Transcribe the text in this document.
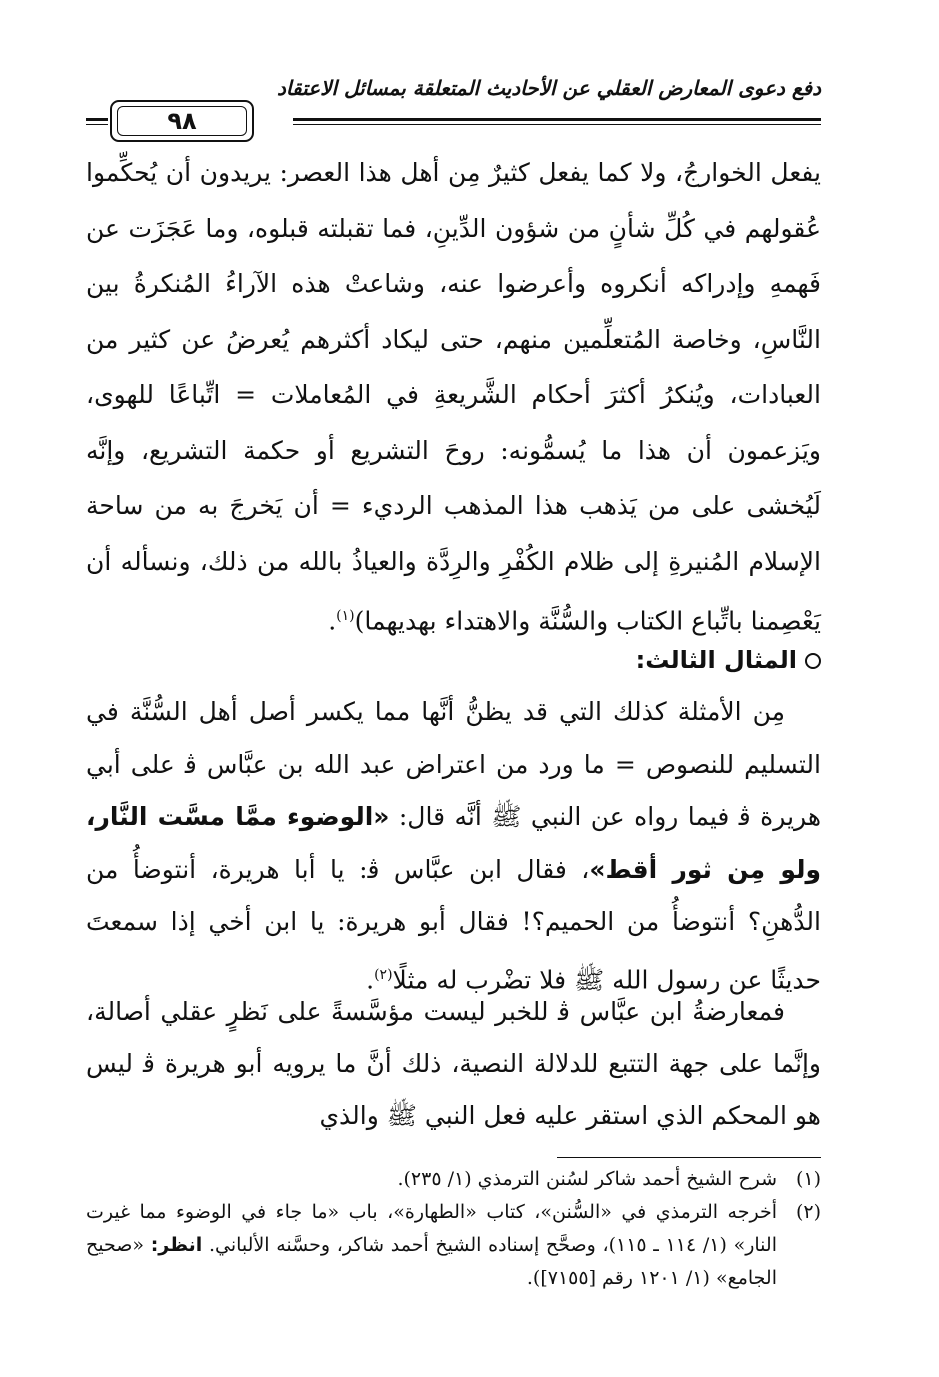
دفع دعوى المعارض العقلي عن الأحاديث المتعلقة بمسائل الاعتقاد
٩٨
يفعل الخوارجُ، ولا كما يفعل كثيرٌ مِن أهل هذا العصر: يريدون أن يُحكِّموا عُقولهم في كُلِّ شأنٍ من شؤون الدِّينِ، فما تقبلته قبلوه، وما عَجَزَت عن فَهمهِ وإدراكه أنكروه وأعرضوا عنه، وشاعتْ هذه الآراءُ المُنكرةُ بين النَّاسِ، وخاصة المُتعلِّمين منهم، حتى ليكاد أكثرهم يُعرضُ عن كثير من العبادات، ويُنكرُ أكثرَ أحكام الشَّريعةِ في المُعاملات = اتِّباعًا للهوى، ويَزعمون أن هذا ما يُسمُّونه: روحَ التشريع أو حكمة التشريع، وإنَّه لَيُخشى على من يَذهب هذا المذهب الرديء = أن يَخرجَ به من ساحة الإسلام المُنيرةِ إلى ظلام الكُفْرِ والرِدَّة والعياذُ بالله من ذلك، ونسأله أن يَعْصِمنا باتِّباع الكتاب والسُّنَّة والاهتداء بهديهما)$^{(١)}$.
المثال الثالث:
مِن الأمثلة كذلك التي قد يظنُّ أنَّها مما يكسر أصل أهل السُّنَّة في التسليم للنصوص = ما ورد من اعتراض عبد الله بن عبَّاس ﭬ على أبي هريرة ﭬ فيما رواه عن النبي ﷺ أنَّه قال: «الوضوء ممَّا مسَّت النَّار، ولو مِن ثور أقط»، فقال ابن عبَّاس ﭬ: يا أبا هريرة، أنتوضأُ من الدُّهنِ؟ أنتوضأُ من الحميم؟! فقال أبو هريرة: يا ابن أخي إذا سمعتَ حديثًا عن رسول الله ﷺ فلا تضْرب له مثلًا$^{(٢)}$.
فمعارضةُ ابن عبَّاس ﭬ للخبر ليست مؤسَّسةً على نَظرٍ عقلي أصالة، وإنَّما على جهة التتبع للدلالة النصية، ذلك أنَّ ما يرويه أبو هريرة ﭬ ليس هو المحكم الذي استقر عليه فعل النبي ﷺ والذي
(١)
شرح الشيخ أحمد شاكر لسُنن الترمذي (١/ ٢٣٥).
(٢)
أخرجه الترمذي في «السُّنن»، كتاب «الطهارة»، باب «ما جاء في الوضوء مما غيرت النار» (١/ ١١٤ ـ ١١٥)، وصحَّح إسناده الشيخ أحمد شاكر، وحسَّنه الألباني. انظر: «صحيح الجامع» (١/ ١٢٠١ رقم [٧١٥٥]).
